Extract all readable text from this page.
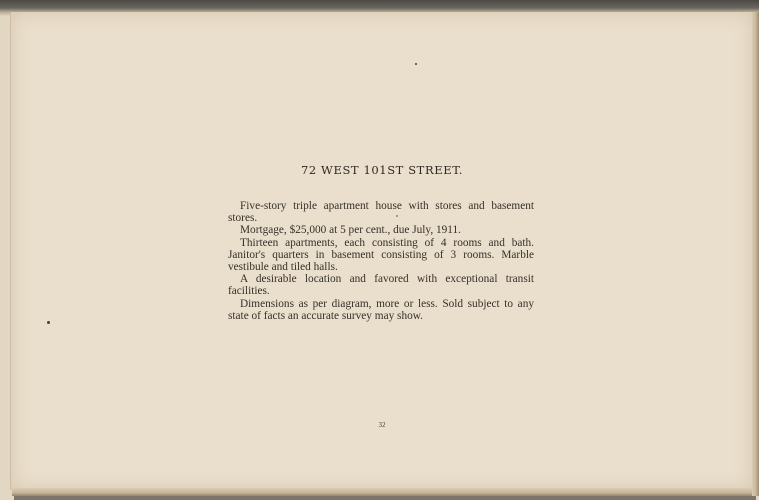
72 WEST 101ST STREET.

Five-story triple apartment house with stores and basement stores.

Mortgage, $25,000 at 5 per cent., due July, 1911.

Thirteen apartments, each consisting of 4 rooms and bath. Janitor's quarters in basement consisting of 3 rooms. Marble vestibule and tiled halls.

A desirable location and favored with exceptional transit facilities.

Dimensions as per diagram, more or less. Sold subject to any state of facts an accurate survey may show.

32
